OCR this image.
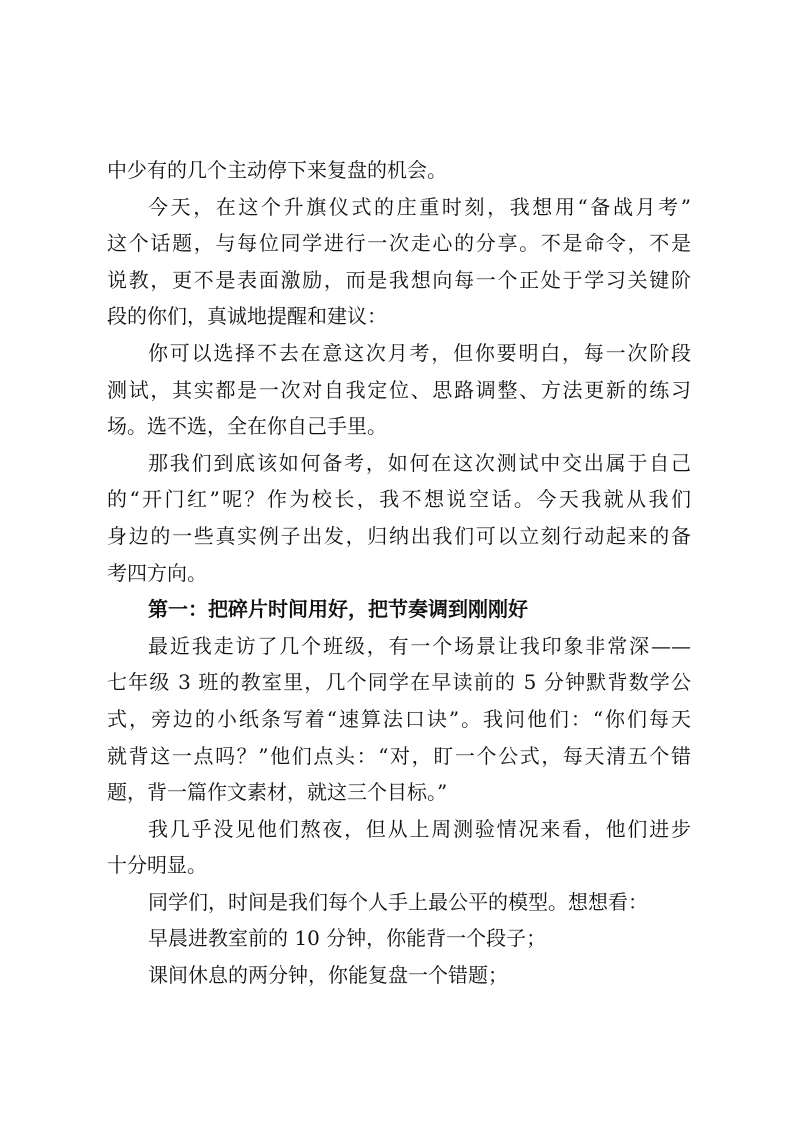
中少有的几个主动停下来复盘的机会。
今天，在这个升旗仪式的庄重时刻，我想用“备战月考”
这个话题，与每位同学进行一次走心的分享。不是命令，不是
说教，更不是表面激励，而是我想向每一个正处于学习关键阶
段的你们，真诚地提醒和建议：
你可以选择不去在意这次月考，但你要明白，每一次阶段
测试，其实都是一次对自我定位、思路调整、方法更新的练习
场。选不选，全在你自己手里。
那我们到底该如何备考，如何在这次测试中交出属于自己
的“开门红”呢？作为校长，我不想说空话。今天我就从我们
身边的一些真实例子出发，归纳出我们可以立刻行动起来的备
考四方向。
第一：把碎片时间用好，把节奏调到刚刚好
最近我走访了几个班级，有一个场景让我印象非常深——
七年级 3 班的教室里，几个同学在早读前的 5 分钟默背数学公
式，旁边的小纸条写着“速算法口诀”。我问他们：“你们每天
就背这一点吗？”他们点头：“对，盯一个公式，每天清五个错
题，背一篇作文素材，就这三个目标。”
我几乎没见他们熬夜，但从上周测验情况来看，他们进步
十分明显。
同学们，时间是我们每个人手上最公平的模型。想想看：
早晨进教室前的 10 分钟，你能背一个段子；
课间休息的两分钟，你能复盘一个错题；
